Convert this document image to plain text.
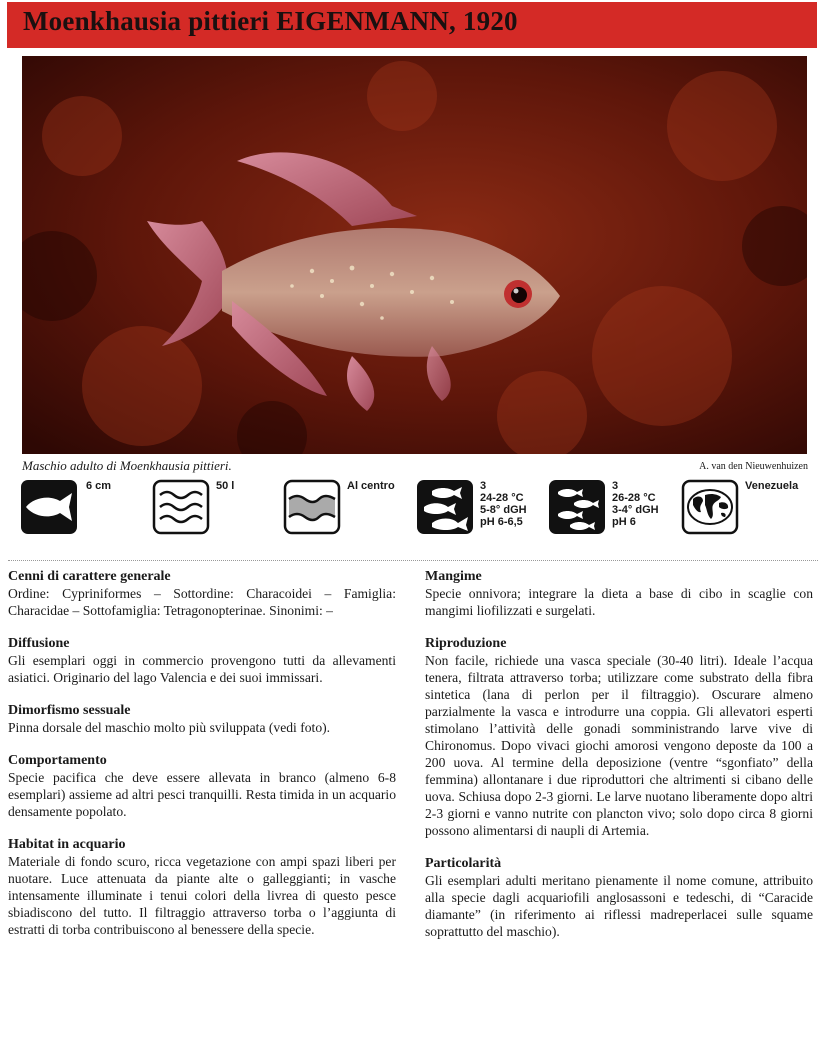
Moenkhausia pittieri EIGENMANN, 1920
Maschio adulto di Moenkhausia pittieri.	A. van den Nieuwenhuizen
6 cm	50 l	Al centro	3
24-28 °C
5-8° dGH
pH 6-6,5
3
26-28 °C
3-4° dGH
pH 6
Venezuela
Cenni di carattere generale

Ordine: Cypriniformes – Sottordine: Characoidei – Famiglia: Characidae – Sottofamiglia: Tetragonopterinae. Sinonimi: –

Diffusione

Gli esemplari oggi in commercio provengono tutti da allevamenti asiatici. Originario del lago Valencia e dei suoi immissari.

Dimorfismo sessuale

Pinna dorsale del maschio molto più sviluppata (vedi foto).

Comportamento

Specie pacifica che deve essere allevata in branco (almeno 6-8 esemplari) assieme ad altri pesci tranquilli. Resta timida in un acquario densamente popolato.

Habitat in acquario

Materiale di fondo scuro, ricca vegetazione con ampi spazi liberi per nuotare. Luce attenuata da piante alte o galleggianti; in vasche intensamente illuminate i tenui colori della livrea di questo pesce sbiadiscono del tutto. Il filtraggio attraverso torba o l’aggiunta di estratti di torba contribuiscono al benessere della specie.

Mangime

Specie onnivora; integrare la dieta a base di cibo in scaglie con mangimi liofilizzati e surgelati.

Riproduzione

Non facile, richiede una vasca speciale (30-40 litri). Ideale l’acqua tenera, filtrata attraverso torba; utilizzare come substrato della fibra sintetica (lana di perlon per il filtraggio). Oscurare almeno parzialmente la vasca e introdurre una coppia. Gli allevatori esperti stimolano l’attività delle gonadi somministrando larve vive di Chironomus. Dopo vivaci giochi amorosi vengono deposte da 100 a 200 uova. Al termine della deposizione (ventre “sgonfiato” della femmina) allontanare i due riproduttori che altrimenti si cibano delle uova. Schiusa dopo 2-3 giorni. Le larve nuotano liberamente dopo altri 2-3 giorni e vanno nutrite con plancton vivo; solo dopo circa 8 giorni possono alimentarsi di naupli di Artemia.

Particolarità

Gli esemplari adulti meritano pienamente il nome comune, attribuito alla specie dagli acquariofili anglosassoni e tedeschi, di “Caracide diamante” (in riferimento ai riflessi madreperlacei sulle squame soprattutto del maschio).
